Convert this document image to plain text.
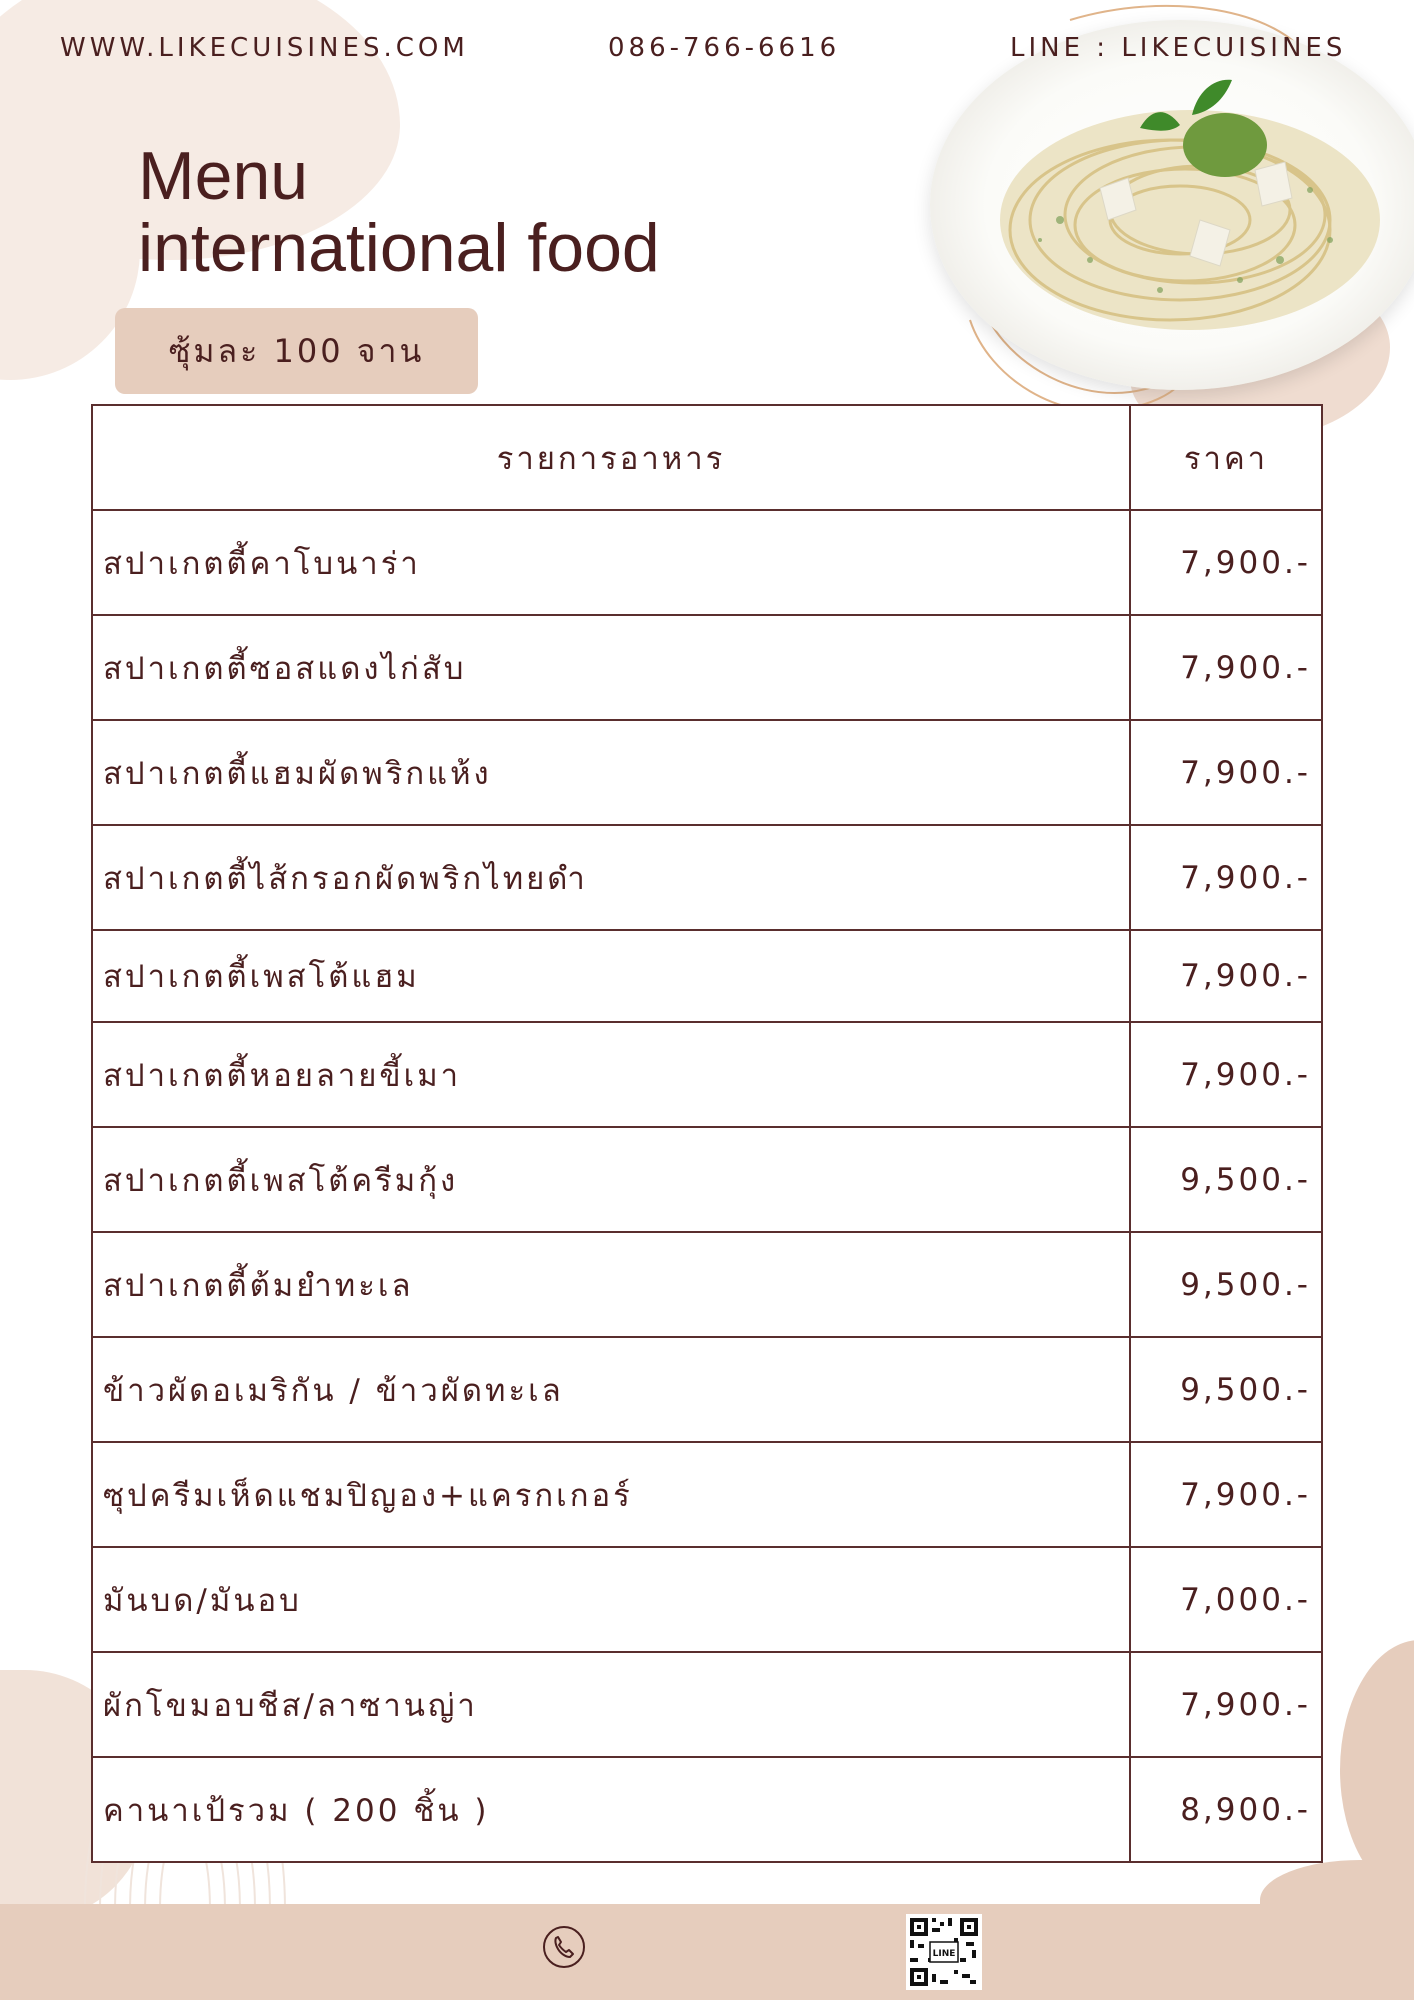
Menu
international food
ซุ้มละ 100 จาน
รายการอาหาร	ราคา
สปาเกตตี้คาโบนาร่า	7,900.-
สปาเกตตี้ซอสแดงไก่สับ	7,900.-
สปาเกตตี้แฮมผัดพริกแห้ง	7,900.-
สปาเกตตี้ไส้กรอกผัดพริกไทยดำ	7,900.-
สปาเกตตี้เพสโต้แฮม	7,900.-
สปาเกตตี้หอยลายขี้เมา	7,900.-
สปาเกตตี้เพสโต้ครีมกุ้ง	9,500.-
สปาเกตตี้ต้มยำทะเล	9,500.-
ข้าวผัดอเมริกัน / ข้าวผัดทะเล	9,500.-
ซุปครีมเห็ดแชมปิญอง+แครกเกอร์	7,900.-
มันบด/มันอบ	7,000.-
ผักโขมอบชีส/ลาซานญ่า	7,900.-
คานาเป้รวม ( 200 ชิ้น )	8,900.-
WWW.LIKECUISINES.COM	086-766-6616
LINE
LINE : LIKECUISINES
